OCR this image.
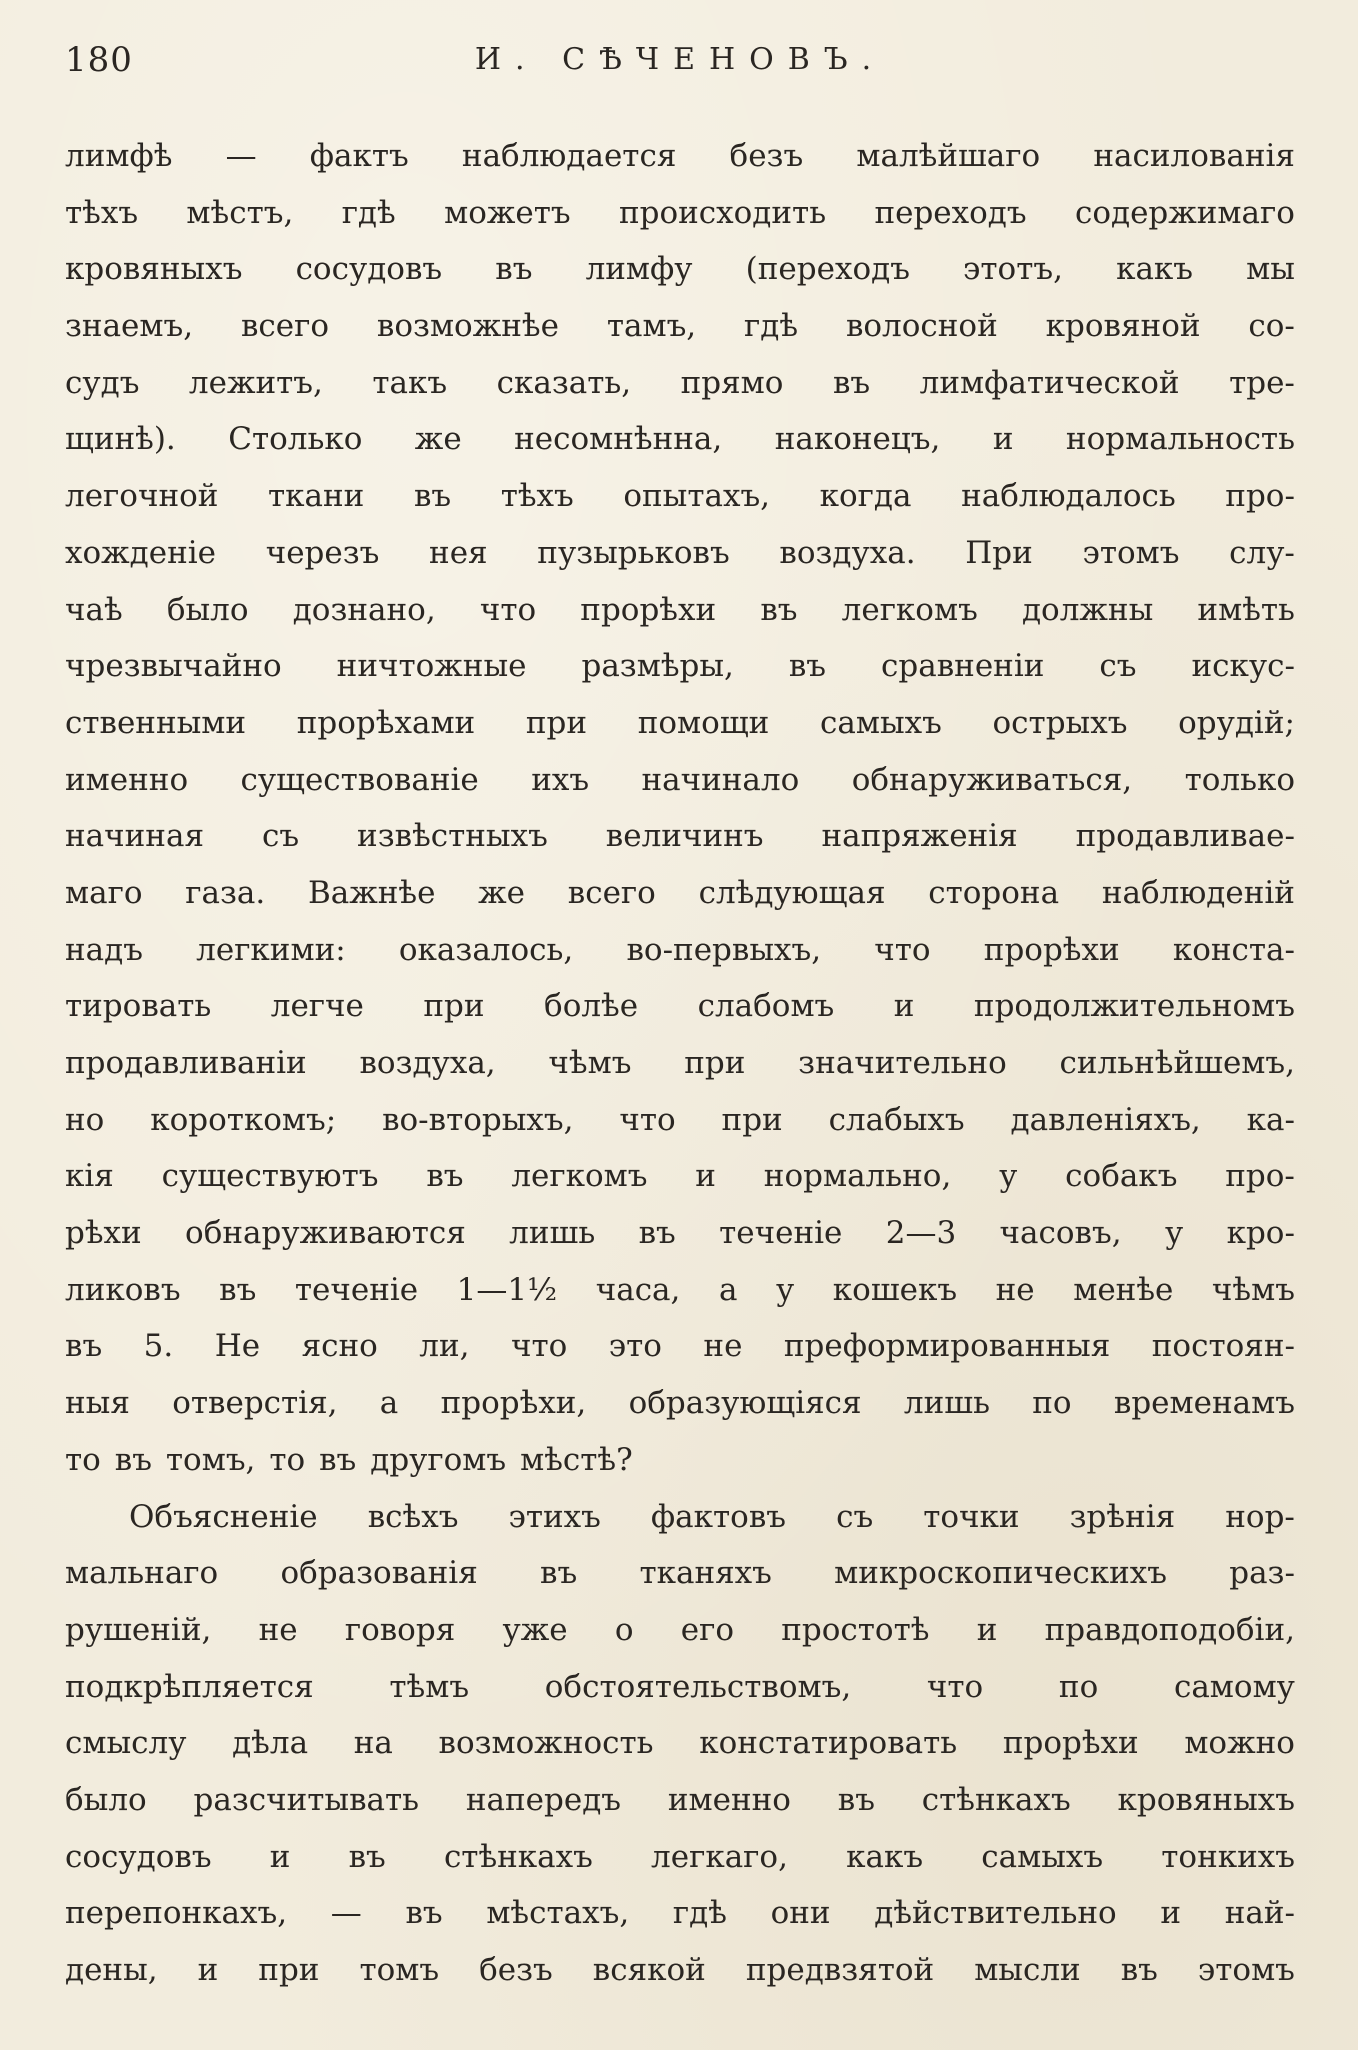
180	И. СѢЧЕНОВЪ.
лимфѣ — фактъ наблюдается безъ малѣйшаго насилованія
тѣхъ мѣстъ, гдѣ можетъ происходить переходъ содержимаго
кровяныхъ сосудовъ въ лимфу (переходъ этотъ, какъ мы
знаемъ, всего возможнѣе тамъ, гдѣ волосной кровяной со-
судъ лежитъ, такъ сказать, прямо въ лимфатической тре-
щинѣ). Столько же несомнѣнна, наконецъ, и нормальность
легочной ткани въ тѣхъ опытахъ, когда наблюдалось про-
хожденіе черезъ нея пузырьковъ воздуха. При этомъ слу-
чаѣ было дознано, что прорѣхи въ легкомъ должны имѣть
чрезвычайно ничтожные размѣры, въ сравненіи съ искус-
ственными прорѣхами при помощи самыхъ острыхъ орудій;
именно существованіе ихъ начинало обнаруживаться, только
начиная съ извѣстныхъ величинъ напряженія продавливае-
маго газа. Важнѣе же всего слѣдующая сторона наблюденій
надъ легкими: оказалось, во-первыхъ, что прорѣхи конста-
тировать легче при болѣе слабомъ и продолжительномъ
продавливаніи воздуха, чѣмъ при значительно сильнѣйшемъ,
но короткомъ; во-вторыхъ, что при слабыхъ давленіяхъ, ка-
кія существуютъ въ легкомъ и нормально, у собакъ про-
рѣхи обнаруживаются лишь въ теченіе 2—3 часовъ, у кро-
ликовъ въ теченіе 1—1½ часа, а у кошекъ не менѣе чѣмъ
въ 5. Не ясно ли, что это не преформированныя постоян-
ныя отверстія, а прорѣхи, образующіяся лишь по временамъ
то въ томъ, то въ другомъ мѣстѣ?
Объясненіе всѣхъ этихъ фактовъ съ точки зрѣнія нор-
мальнаго образованія въ тканяхъ микроскопическихъ раз-
рушеній, не говоря уже о его простотѣ и правдоподобіи,
подкрѣпляется тѣмъ обстоятельствомъ, что по самому
смыслу дѣла на возможность констатировать прорѣхи можно
было разсчитывать напередъ именно въ стѣнкахъ кровяныхъ
сосудовъ и въ стѣнкахъ легкаго, какъ самыхъ тонкихъ
перепонкахъ, — въ мѣстахъ, гдѣ они дѣйствительно и най-
дены, и при томъ безъ всякой предвзятой мысли въ этомъ
